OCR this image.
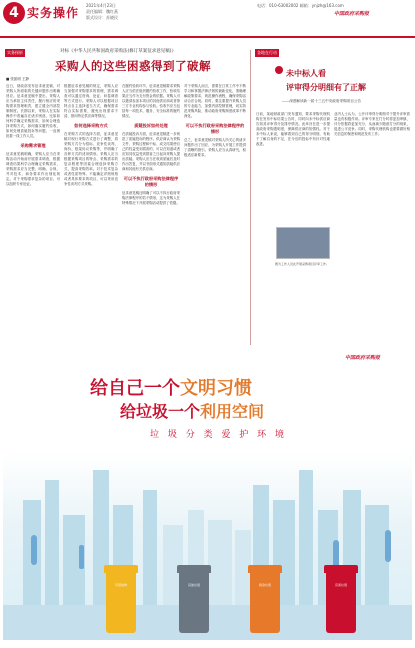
4 实务操作
2021年4月23日
责任编辑：魏红燕
版式设计：苏晓民
电话：010-63002002 邮箱：ynjzh@163.com
中国政府采购报
实务探析	对标《中华人民共和国政府采购法(修订草案征求意见稿)》
采购人的这些困惑得到了破解
■ 张振明 王静
近日，财政部发布征求意见稿，对采购人所面临的关键问题作出明确回应。征求意见稿中提出，采购人应当承担主体责任，履行相应的采购需求管理职责，建立健全内部控制制度。长期以来，采购人在实际操作中普遍存在诸多困惑，比如如何科学确定采购需求，如何合理选择采购方式，如何落实履约验收，如何处理质疑投诉等问题，一直困扰着一线工作人员。
采购需求管理
征求意见稿明确，采购人应当在采购活动开始前开展需求调查，根据调查结果科学合理确定采购需求，采购需求应当完整、明确、合规，并对技术、商务要求作出细化规定。对于采购需求复杂的项目，可以组织专家论证。
根据征求意见稿的规定，采购人应当加强对采购需求的管理，需求调查可以通过咨询、论证、问卷调查等方式进行。采购人可以根据项目特点自主选择适当方式，确保需求符合实际需要，避免出现需求不清、指向特定供应商等情况。
如何选择采购方式
在采购方式的选择方面，征求意见稿对现行采购方式进行了调整，将采购方式分为招标、竞争性谈判、询价、框架协议采购等，并明确了各种方式的适用情形。采购人应当根据采购项目的特点、采购需求的复杂程度等因素合理选择采购方式，提高采购效率。对于技术复杂或者性质特殊、不能确定详细规格或者具体要求的项目，可以采用竞争性谈判方式采购。
在履约验收环节，征求意见稿要求采购人应当依法组织履约验收工作，验收结果应当作为支付资金的依据。采购人可以邀请参加本项目的其他供应商或者第三方专业机构参与验收。验收书应当包括每一项技术、服务、安全标准的履约情况。
质疑投诉如何处理
在质疑投诉方面，征求意见稿进一步规范了质疑投诉的程序。供应商认为采购文件、采购过程和中标、成交结果使自己的权益受到损害的，可以在知道或者应知其权益受到损害之日起向采购人提出质疑。采购人应当在收到质疑后及时作出答复，并以书面形式通知质疑供应商和其他有关供应商。
可以不执行政府采购法律程序的情形
征求意见稿还明确了可以不执行政府采购法律程序的若干情形，这为采购人在特殊情况下开展采购活动提供了依据。
对于采购人而言，需要在日常工作中不断学习和掌握法律法规的最新变化，准确理解政策要求，规范操作流程，确保采购活动合法合规。同时，要注重提升采购人员的专业能力，加强内部控制管理，切实防范采购风险，推动政府采购制度改革不断深化。
可以不执行政府采购法律程序的情形
总之，征求意见稿对采购人所关心的诸多问题作出了回应，为采购人开展工作提供了清晰的指引。采购人应当认真研究，积极适应新要求。
各地在行动
未中标人看
评审得分明细有了正解
——深度解读新一届十三五中央政府采购项目公告
日前，某地财政部门发布通知，要求采购代理机构在发布中标结果公告时，同时向未中标供应商告知其评审得分及排序情况。此举旨在进一步提高政府采购透明度，保障供应商的知情权。对于未中标人来说，能够看到自己的得分明细，有助于了解自身的不足，在今后的投标中有针对性地改进。
图为工作人员在开展采购项目评审工作。
业内人士认为，公开评审得分明细对于提升评审质量也有积极作用。评审专家在打分时将更加审慎，评分依据将更加充分，从而减少随意打分的现象，促进公平竞争。同时，采购代理机构也需要做好相关信息的保密和规范发布工作。
中国政府采购报
给自己一个文明习惯
给垃圾一个利用空间
垃 圾 分 类 爱 护 环 境
可回收物	其他垃圾	厨余垃圾	有害垃圾
